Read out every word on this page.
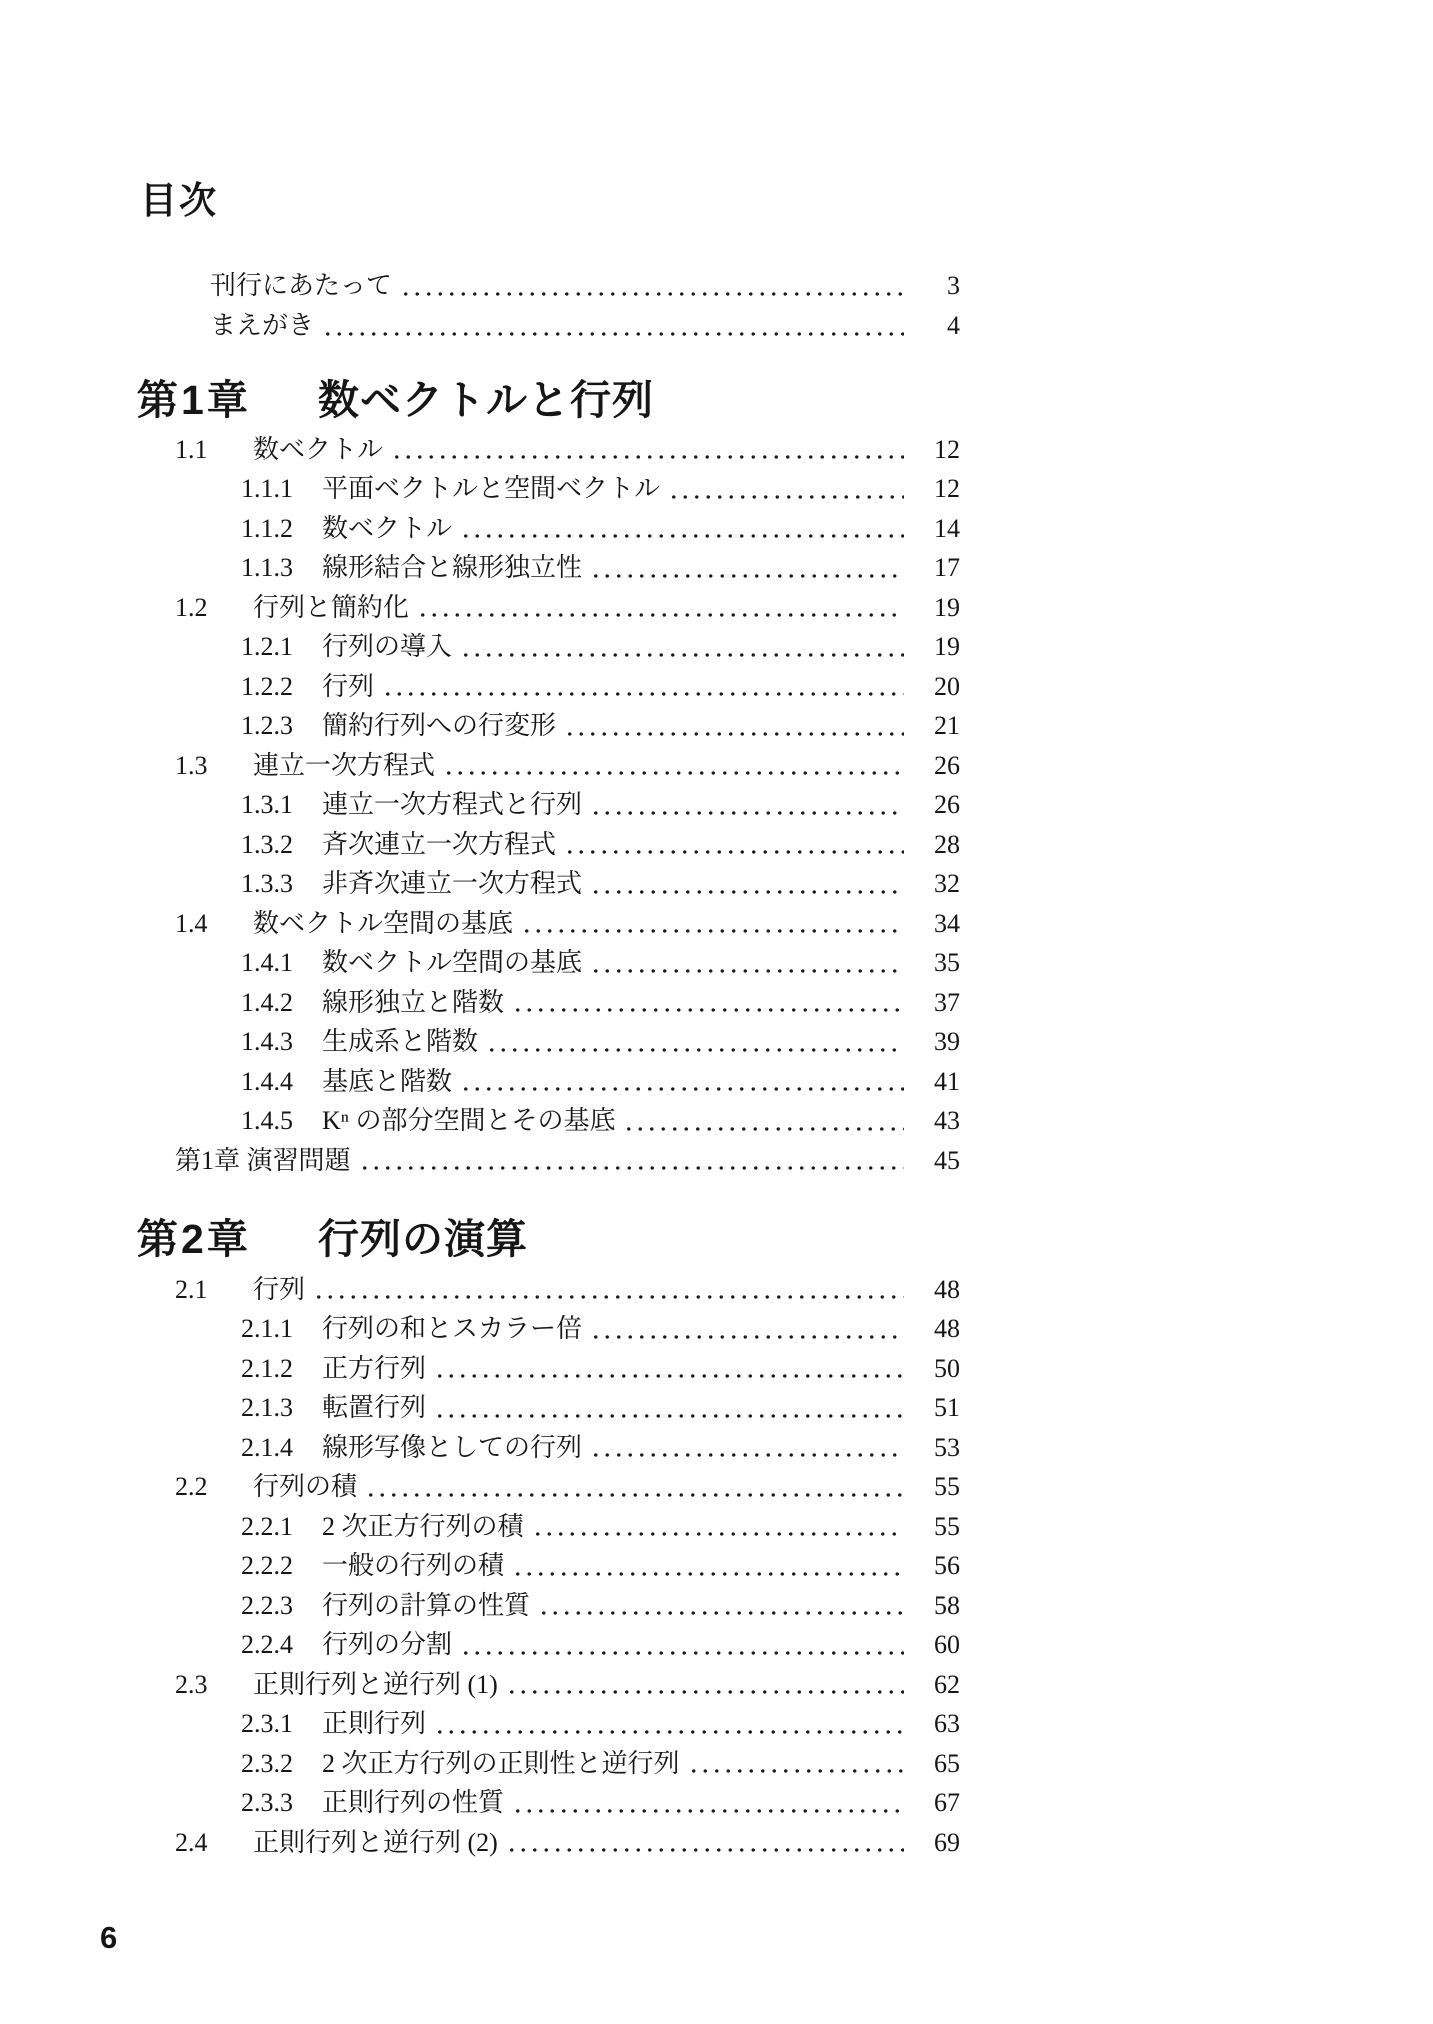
目次
刊行にあたって	3
まえがき	4
第1章	数ベクトルと行列
1.1	数ベクトル	12
1.1.1	平面ベクトルと空間ベクトル	12
1.1.2	数ベクトル	14
1.1.3	線形結合と線形独立性	17
1.2	行列と簡約化	19
1.2.1	行列の導入	19
1.2.2	行列	20
1.2.3	簡約行列への行変形	21
1.3	連立一次方程式	26
1.3.1	連立一次方程式と行列	26
1.3.2	斉次連立一次方程式	28
1.3.3	非斉次連立一次方程式	32
1.4	数ベクトル空間の基底	34
1.4.1	数ベクトル空間の基底	35
1.4.2	線形独立と階数	37
1.4.3	生成系と階数	39
1.4.4	基底と階数	41
1.4.5	Kⁿ の部分空間とその基底	43
第1章 演習問題	45
第2章	行列の演算
2.1	行列	48
2.1.1	行列の和とスカラー倍	48
2.1.2	正方行列	50
2.1.3	転置行列	51
2.1.4	線形写像としての行列	53
2.2	行列の積	55
2.2.1	2 次正方行列の積	55
2.2.2	一般の行列の積	56
2.2.3	行列の計算の性質	58
2.2.4	行列の分割	60
2.3	正則行列と逆行列 (1)	62
2.3.1	正則行列	63
2.3.2	2 次正方行列の正則性と逆行列	65
2.3.3	正則行列の性質	67
2.4	正則行列と逆行列 (2)	69
6
